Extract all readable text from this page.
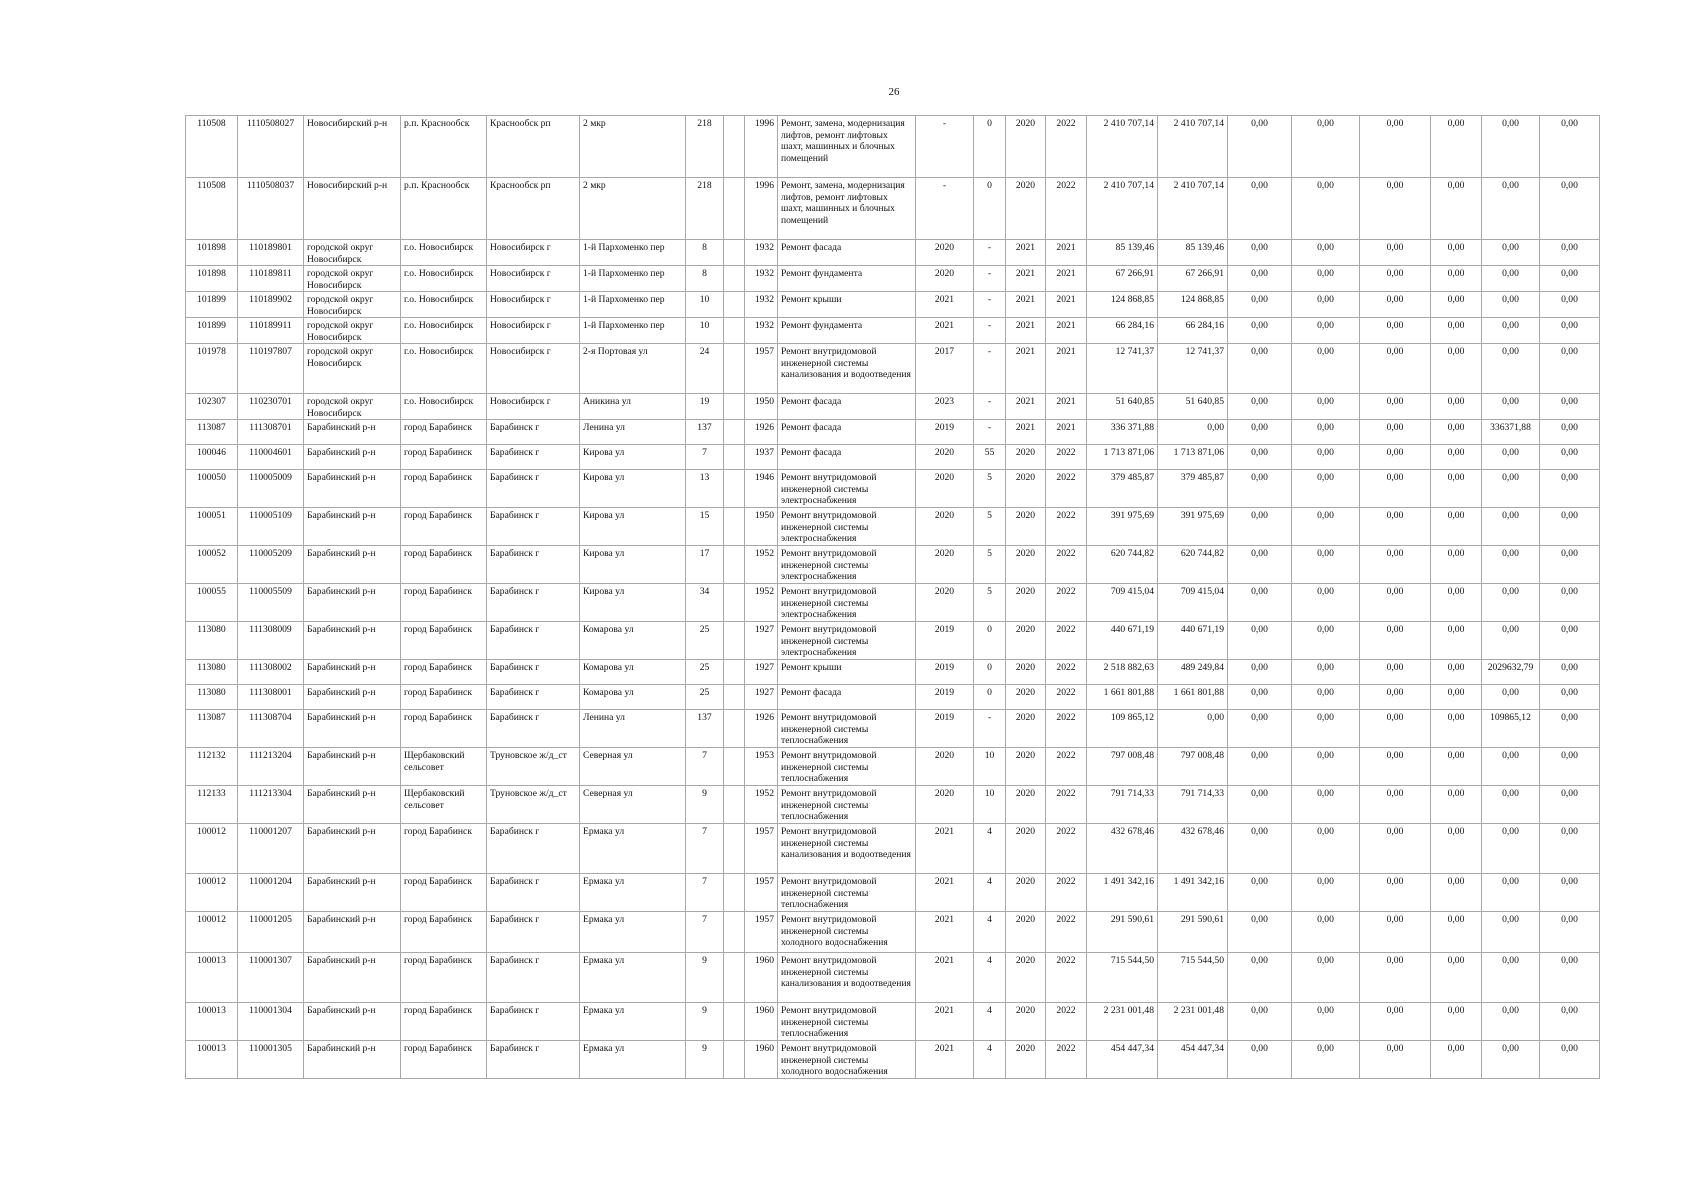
26
110508	1110508027	Новосибирский р-н	р.п. Краснообск	Краснообск рп	2 мкр	218		1996	Ремонт, замена, модернизация лифтов, ремонт лифтовых шахт, машинных и блочных помещений	-	0	2020	2022	2 410 707,14	2 410 707,14	0,00	0,00	0,00	0,00	0,00	0,00
110508	1110508037	Новосибирский р-н	р.п. Краснообск	Краснообск рп	2 мкр	218		1996	Ремонт, замена, модернизация лифтов, ремонт лифтовых шахт, машинных и блочных помещений	-	0	2020	2022	2 410 707,14	2 410 707,14	0,00	0,00	0,00	0,00	0,00	0,00
101898	110189801	городской округ Новосибирск	г.о. Новосибирск	Новосибирск г	1-й Пархоменко пер	8		1932	Ремонт фасада	2020	-	2021	2021	85 139,46	85 139,46	0,00	0,00	0,00	0,00	0,00	0,00
101898	110189811	городской округ Новосибирск	г.о. Новосибирск	Новосибирск г	1-й Пархоменко пер	8		1932	Ремонт фундамента	2020	-	2021	2021	67 266,91	67 266,91	0,00	0,00	0,00	0,00	0,00	0,00
101899	110189902	городской округ Новосибирск	г.о. Новосибирск	Новосибирск г	1-й Пархоменко пер	10		1932	Ремонт крыши	2021	-	2021	2021	124 868,85	124 868,85	0,00	0,00	0,00	0,00	0,00	0,00
101899	110189911	городской округ Новосибирск	г.о. Новосибирск	Новосибирск г	1-й Пархоменко пер	10		1932	Ремонт фундамента	2021	-	2021	2021	66 284,16	66 284,16	0,00	0,00	0,00	0,00	0,00	0,00
101978	110197807	городской округ Новосибирск	г.о. Новосибирск	Новосибирск г	2-я Портовая ул	24		1957	Ремонт внутридомовой инженерной системы канализования и водоотведения	2017	-	2021	2021	12 741,37	12 741,37	0,00	0,00	0,00	0,00	0,00	0,00
102307	110230701	городской округ Новосибирск	г.о. Новосибирск	Новосибирск г	Аникина ул	19		1950	Ремонт фасада	2023	-	2021	2021	51 640,85	51 640,85	0,00	0,00	0,00	0,00	0,00	0,00
113087	111308701	Барабинский р-н	город Барабинск	Барабинск г	Ленина ул	137		1926	Ремонт фасада	2019	-	2021	2021	336 371,88	0,00	0,00	0,00	0,00	0,00	336371,88	0,00
100046	110004601	Барабинский р-н	город Барабинск	Барабинск г	Кирова ул	7		1937	Ремонт фасада	2020	55	2020	2022	1 713 871,06	1 713 871,06	0,00	0,00	0,00	0,00	0,00	0,00
100050	110005009	Барабинский р-н	город Барабинск	Барабинск г	Кирова ул	13		1946	Ремонт внутридомовой инженерной системы электроснабжения	2020	5	2020	2022	379 485,87	379 485,87	0,00	0,00	0,00	0,00	0,00	0,00
100051	110005109	Барабинский р-н	город Барабинск	Барабинск г	Кирова ул	15		1950	Ремонт внутридомовой инженерной системы электроснабжения	2020	5	2020	2022	391 975,69	391 975,69	0,00	0,00	0,00	0,00	0,00	0,00
100052	110005209	Барабинский р-н	город Барабинск	Барабинск г	Кирова ул	17		1952	Ремонт внутридомовой инженерной системы электроснабжения	2020	5	2020	2022	620 744,82	620 744,82	0,00	0,00	0,00	0,00	0,00	0,00
100055	110005509	Барабинский р-н	город Барабинск	Барабинск г	Кирова ул	34		1952	Ремонт внутридомовой инженерной системы электроснабжения	2020	5	2020	2022	709 415,04	709 415,04	0,00	0,00	0,00	0,00	0,00	0,00
113080	111308009	Барабинский р-н	город Барабинск	Барабинск г	Комарова ул	25		1927	Ремонт внутридомовой инженерной системы электроснабжения	2019	0	2020	2022	440 671,19	440 671,19	0,00	0,00	0,00	0,00	0,00	0,00
113080	111308002	Барабинский р-н	город Барабинск	Барабинск г	Комарова ул	25		1927	Ремонт крыши	2019	0	2020	2022	2 518 882,63	489 249,84	0,00	0,00	0,00	0,00	2029632,79	0,00
113080	111308001	Барабинский р-н	город Барабинск	Барабинск г	Комарова ул	25		1927	Ремонт фасада	2019	0	2020	2022	1 661 801,88	1 661 801,88	0,00	0,00	0,00	0,00	0,00	0,00
113087	111308704	Барабинский р-н	город Барабинск	Барабинск г	Ленина ул	137		1926	Ремонт внутридомовой инженерной системы теплоснабжения	2019	-	2020	2022	109 865,12	0,00	0,00	0,00	0,00	0,00	109865,12	0,00
112132	111213204	Барабинский р-н	Щербаковский сельсовет	Труновское ж/д_ст	Северная ул	7		1953	Ремонт внутридомовой инженерной системы теплоснабжения	2020	10	2020	2022	797 008,48	797 008,48	0,00	0,00	0,00	0,00	0,00	0,00
112133	111213304	Барабинский р-н	Щербаковский сельсовет	Труновское ж/д_ст	Северная ул	9		1952	Ремонт внутридомовой инженерной системы теплоснабжения	2020	10	2020	2022	791 714,33	791 714,33	0,00	0,00	0,00	0,00	0,00	0,00
100012	110001207	Барабинский р-н	город Барабинск	Барабинск г	Ермака ул	7		1957	Ремонт внутридомовой инженерной системы канализования и водоотведения	2021	4	2020	2022	432 678,46	432 678,46	0,00	0,00	0,00	0,00	0,00	0,00
100012	110001204	Барабинский р-н	город Барабинск	Барабинск г	Ермака ул	7		1957	Ремонт внутридомовой инженерной системы теплоснабжения	2021	4	2020	2022	1 491 342,16	1 491 342,16	0,00	0,00	0,00	0,00	0,00	0,00
100012	110001205	Барабинский р-н	город Барабинск	Барабинск г	Ермака ул	7		1957	Ремонт внутридомовой инженерной системы холодного водоснабжения	2021	4	2020	2022	291 590,61	291 590,61	0,00	0,00	0,00	0,00	0,00	0,00
100013	110001307	Барабинский р-н	город Барабинск	Барабинск г	Ермака ул	9		1960	Ремонт внутридомовой инженерной системы канализования и водоотведения	2021	4	2020	2022	715 544,50	715 544,50	0,00	0,00	0,00	0,00	0,00	0,00
100013	110001304	Барабинский р-н	город Барабинск	Барабинск г	Ермака ул	9		1960	Ремонт внутридомовой инженерной системы теплоснабжения	2021	4	2020	2022	2 231 001,48	2 231 001,48	0,00	0,00	0,00	0,00	0,00	0,00
100013	110001305	Барабинский р-н	город Барабинск	Барабинск г	Ермака ул	9		1960	Ремонт внутридомовой инженерной системы холодного водоснабжения	2021	4	2020	2022	454 447,34	454 447,34	0,00	0,00	0,00	0,00	0,00	0,00
